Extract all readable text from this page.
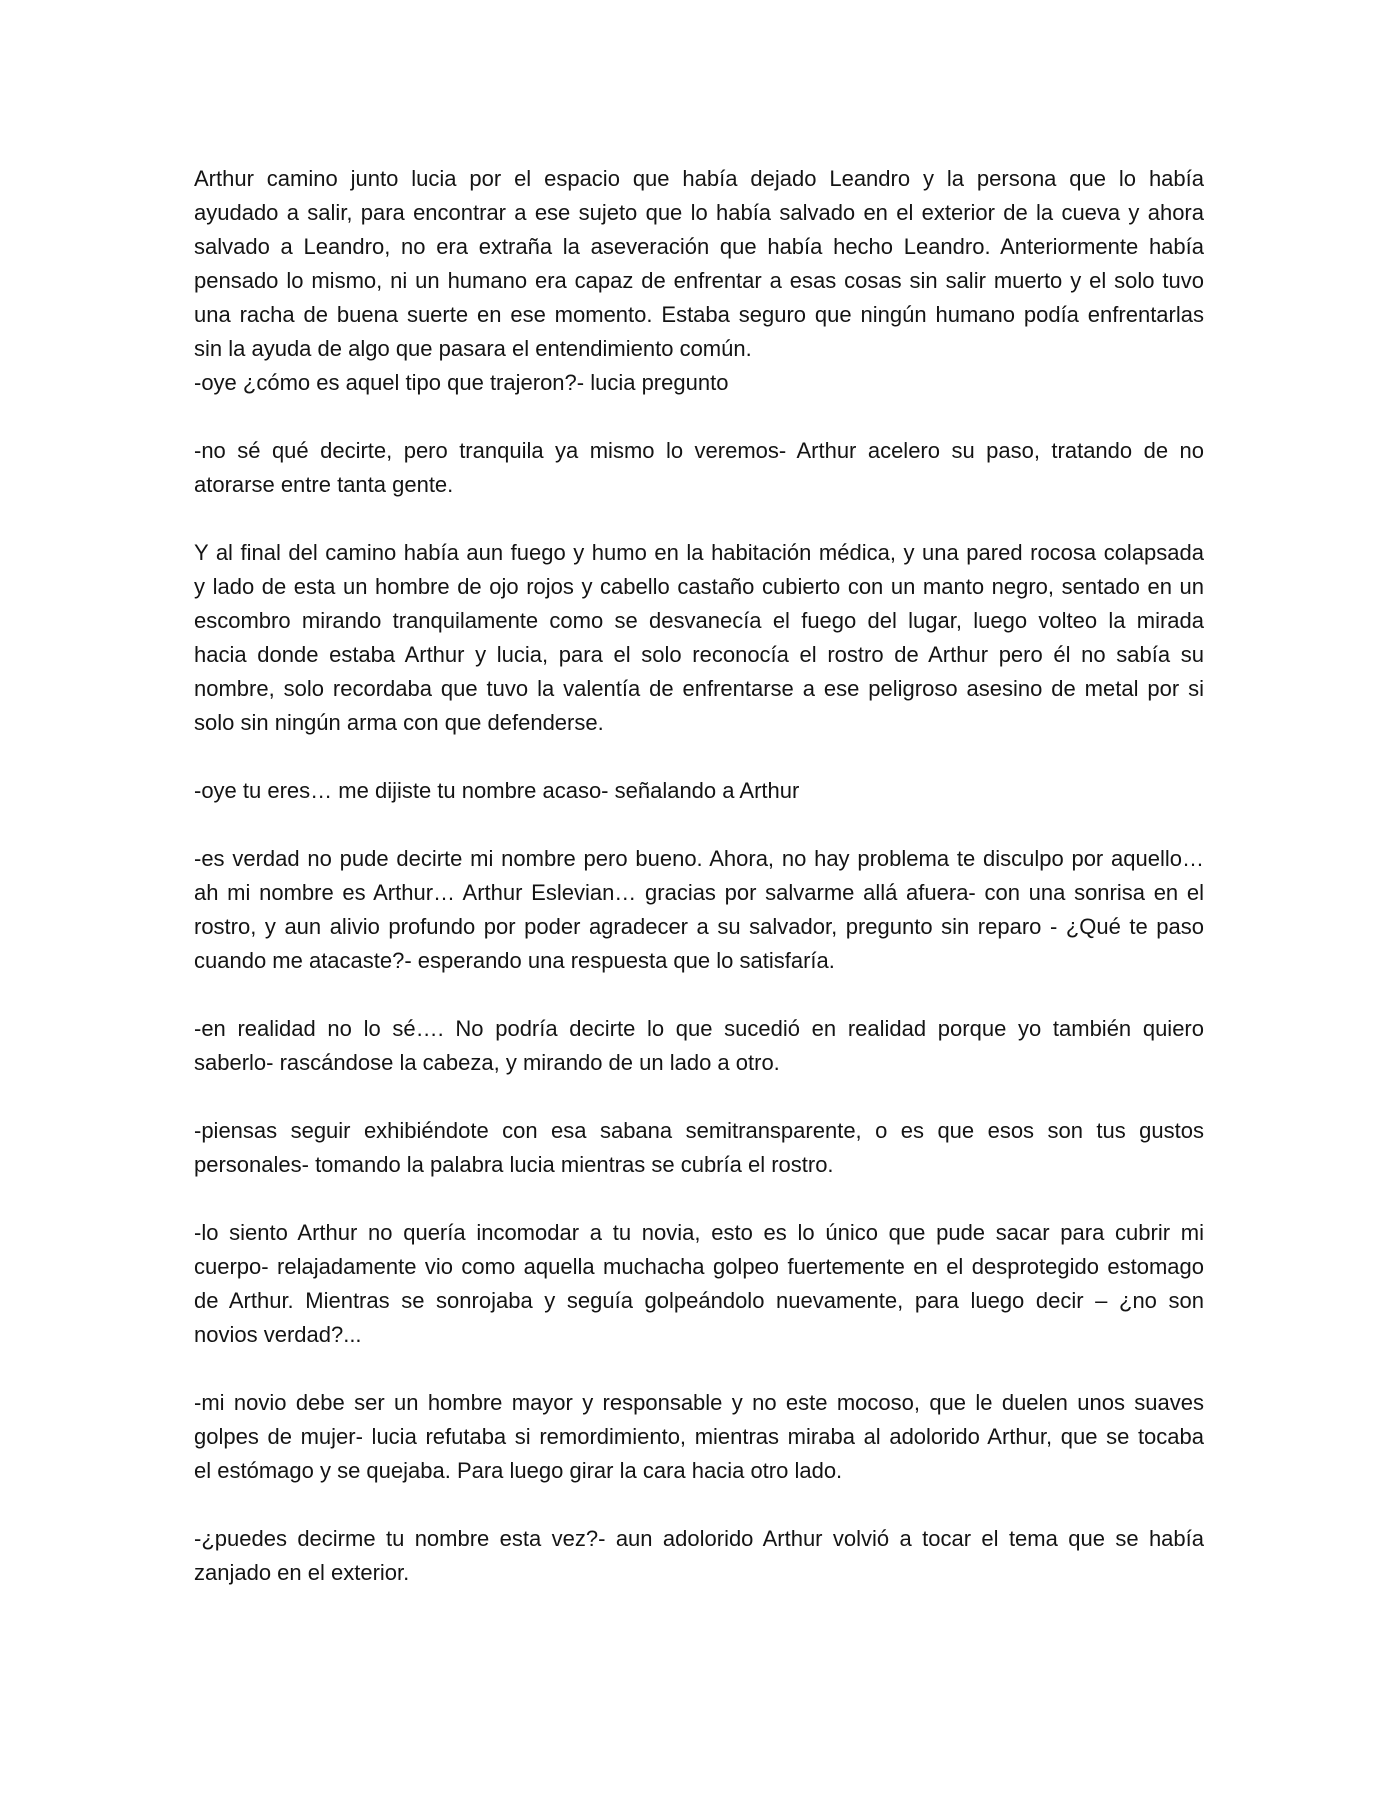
Arthur camino junto lucia por el espacio que había dejado Leandro y la persona que lo había
ayudado a salir, para encontrar a ese sujeto que lo había salvado en el exterior de la cueva y ahora
salvado a Leandro, no era extraña la aseveración que había hecho Leandro. Anteriormente había
pensado lo mismo, ni un humano era capaz de enfrentar a esas cosas sin salir muerto y el solo tuvo
una racha de buena suerte en ese momento. Estaba seguro que ningún humano podía enfrentarlas
sin la ayuda de algo que pasara el entendimiento común.
-oye ¿cómo es aquel tipo que trajeron?- lucia pregunto
-no sé qué decirte, pero tranquila ya mismo lo veremos- Arthur acelero su paso, tratando de no
atorarse entre tanta gente.
Y al final del camino había aun fuego y humo en la habitación médica, y una pared rocosa colapsada
y lado de esta un hombre de ojo rojos y cabello castaño cubierto con un manto negro, sentado en un
escombro mirando tranquilamente como se desvanecía el fuego del lugar, luego volteo la mirada
hacia donde estaba Arthur y lucia, para el solo reconocía el rostro de Arthur pero él no sabía su
nombre, solo recordaba que tuvo la valentía de enfrentarse a ese peligroso asesino de metal por si
solo sin ningún arma con que defenderse.
-oye tu eres… me dijiste tu nombre acaso- señalando a Arthur
-es verdad no pude decirte mi nombre pero bueno. Ahora, no hay problema te disculpo por aquello…
ah mi nombre es Arthur… Arthur Eslevian… gracias por salvarme allá afuera- con una sonrisa en el
rostro, y aun alivio profundo por poder agradecer a su salvador, pregunto sin reparo - ¿Qué te paso
cuando me atacaste?- esperando una respuesta que lo satisfaría.
-en realidad no lo sé…. No podría decirte lo que sucedió en realidad porque yo también quiero
saberlo- rascándose la cabeza, y mirando de un lado a otro.
-piensas seguir exhibiéndote con esa sabana semitransparente, o es que esos son tus gustos
personales- tomando la palabra lucia mientras se cubría el rostro.
-lo siento Arthur no quería incomodar a tu novia, esto es lo único que pude sacar para cubrir mi
cuerpo- relajadamente vio como aquella muchacha golpeo fuertemente en el desprotegido estomago
de Arthur. Mientras se sonrojaba y seguía golpeándolo nuevamente, para luego decir – ¿no son
novios verdad?...
-mi novio debe ser un hombre mayor y responsable y no este mocoso, que le duelen unos suaves
golpes de mujer- lucia refutaba si remordimiento, mientras miraba al adolorido Arthur, que se tocaba
el estómago y se quejaba. Para luego girar la cara hacia otro lado.
-¿puedes decirme tu nombre esta vez?- aun adolorido Arthur volvió a tocar el tema que se había
zanjado en el exterior.
